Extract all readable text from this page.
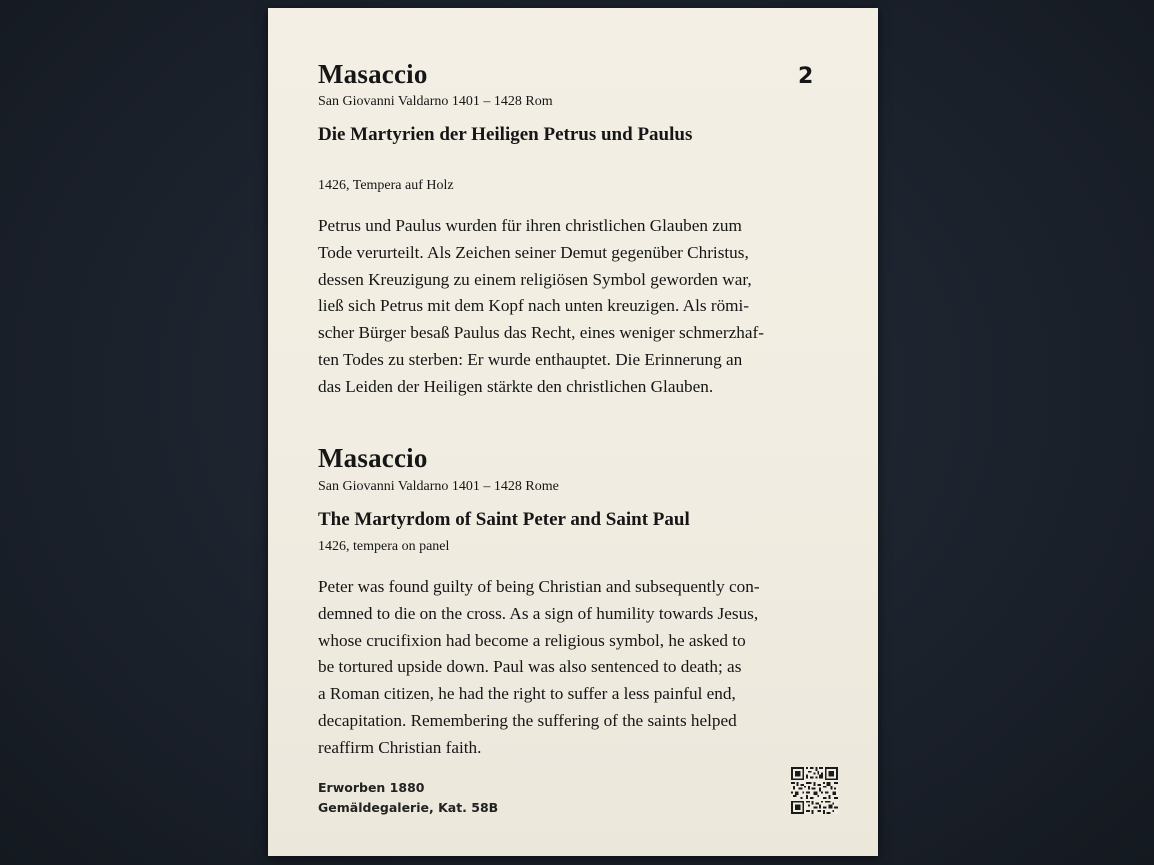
2
Masaccio
San Giovanni Valdarno 1401 – 1428 Rom
Die Martyrien der Heiligen Petrus und Paulus
1426, Tempera auf Holz
Petrus und Paulus wurden für ihren christlichen Glauben zum
Tode verurteilt. Als Zeichen seiner Demut gegenüber Christus,
dessen Kreuzigung zu einem religiösen Symbol geworden war,
ließ sich Petrus mit dem Kopf nach unten kreuzigen. Als römi-
scher Bürger besaß Paulus das Recht, eines weniger schmerzhaf-
ten Todes zu sterben: Er wurde enthauptet. Die Erinnerung an
das Leiden der Heiligen stärkte den christlichen Glauben.
Masaccio
San Giovanni Valdarno 1401 – 1428 Rome
The Martyrdom of Saint Peter and Saint Paul
1426, tempera on panel
Peter was found guilty of being Christian and subsequently con-
demned to die on the cross. As a sign of humility towards Jesus,
whose crucifixion had become a religious symbol, he asked to
be tortured upside down. Paul was also sentenced to death; as
a Roman citizen, he had the right to suffer a less painful end,
decapitation. Remembering the suffering of the saints helped
reaffirm Christian faith.
Erworben 1880
Gemäldegalerie, Kat. 58B
